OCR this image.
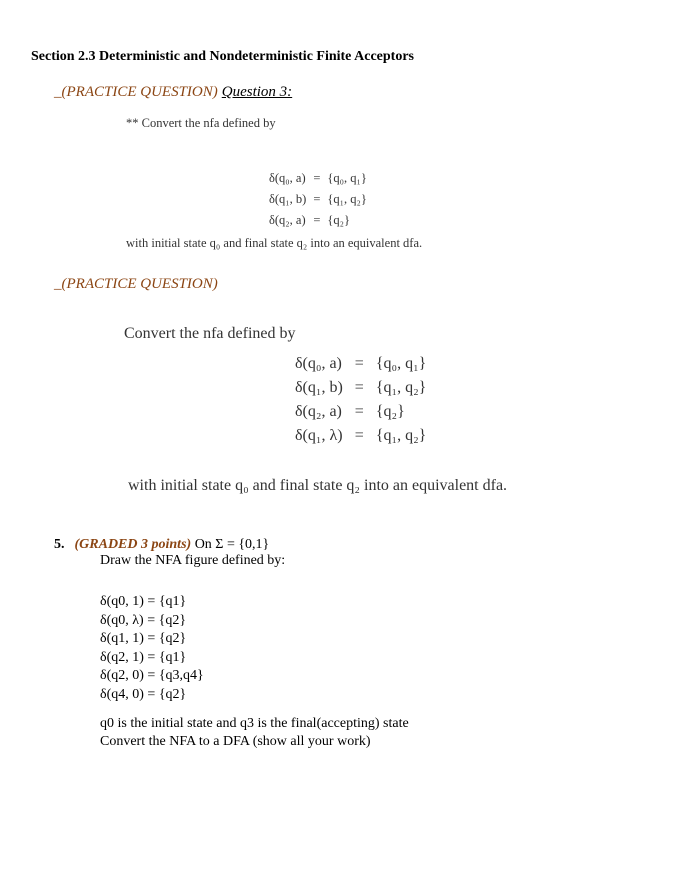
Section 2.3 Deterministic and Nondeterministic Finite Acceptors
_(PRACTICE QUESTION) Question 3:
** Convert the nfa defined by
δ(q₀, a)	=	{q₀, q₁}
δ(q₁, b)	=	{q₁, q₂}
δ(q₂, a)	=	{q₂}
with initial state q₀ and final state q₂ into an equivalent dfa.
_(PRACTICE QUESTION)
Convert the nfa defined by
δ(q₀, a)	=	{q₀, q₁}
δ(q₁, b)	=	{q₁, q₂}
δ(q₂, a)	=	{q₂}
δ(q₁, λ)	=	{q₁, q₂}
with initial state q₀ and final state q₂ into an equivalent dfa.
5. (GRADED 3 points) On Σ = {0,1}
Draw the NFA figure defined by:
δ(q0, 1) = {q1}
δ(q0, λ) = {q2}
δ(q1, 1) = {q2}
δ(q2, 1) = {q1}
δ(q2, 0) = {q3,q4}
δ(q4, 0) = {q2}
q0 is the initial state and q3 is the final(accepting) state
Convert the NFA to a DFA (show all your work)
